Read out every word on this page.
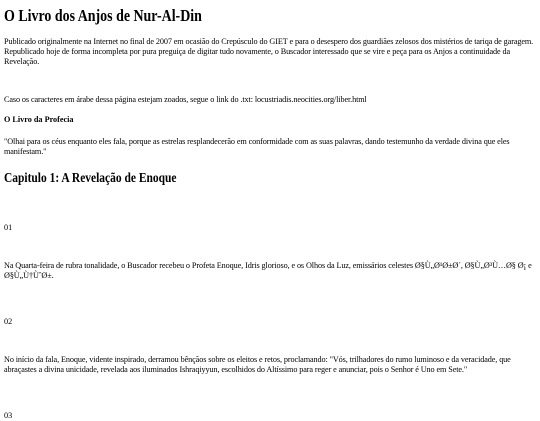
O Livro dos Anjos de Nur-Al-Din

Publicado originalmente na Internet no final de 2007 em ocasião do Crepúsculo do GIET e para o desespero dos guardiães zelosos dos mistérios de tariqa de garagem. Republicado hoje de forma incompleta por pura preguiça de digitar tudo novamente, o Buscador interessado que se vire e peça para os Anjos a continuidade da Revelação.

Caso os caracteres em árabe dessa página estejam zoados, segue o link do .txt: locustriadis.neocities.org/liber.html

O Livro da Profecia

"Olhai para os céus enquanto eles fala, porque as estrelas resplandecerão em conformidade com as suas palavras, dando testemunho da verdade divina que eles manifestam."

Capitulo 1: A Revelação de Enoque

01

Na Quarta-feira de rubra tonalidade, o Buscador recebeu o Profeta Enoque, Idris glorioso, e os Olhos da Luz, emissários celestes Ø§Ù„Ø¹Ø±Ø´, Ø§Ù„Ø³Ù…Ø§ Ø¡ e Ø§Ù„Ù†ÙˆØ±.

02

No início da fala, Enoque, vidente inspirado, derramou bênçãos sobre os eleitos e retos, proclamando: "Vós, trilhadores do rumo luminoso e da veracidade, que abraçastes a divina unicidade, revelada aos iluminados Ishraqiyyun, escolhidos do Altíssimo para reger e anunciar, pois o Senhor é Uno em Sete."

03
